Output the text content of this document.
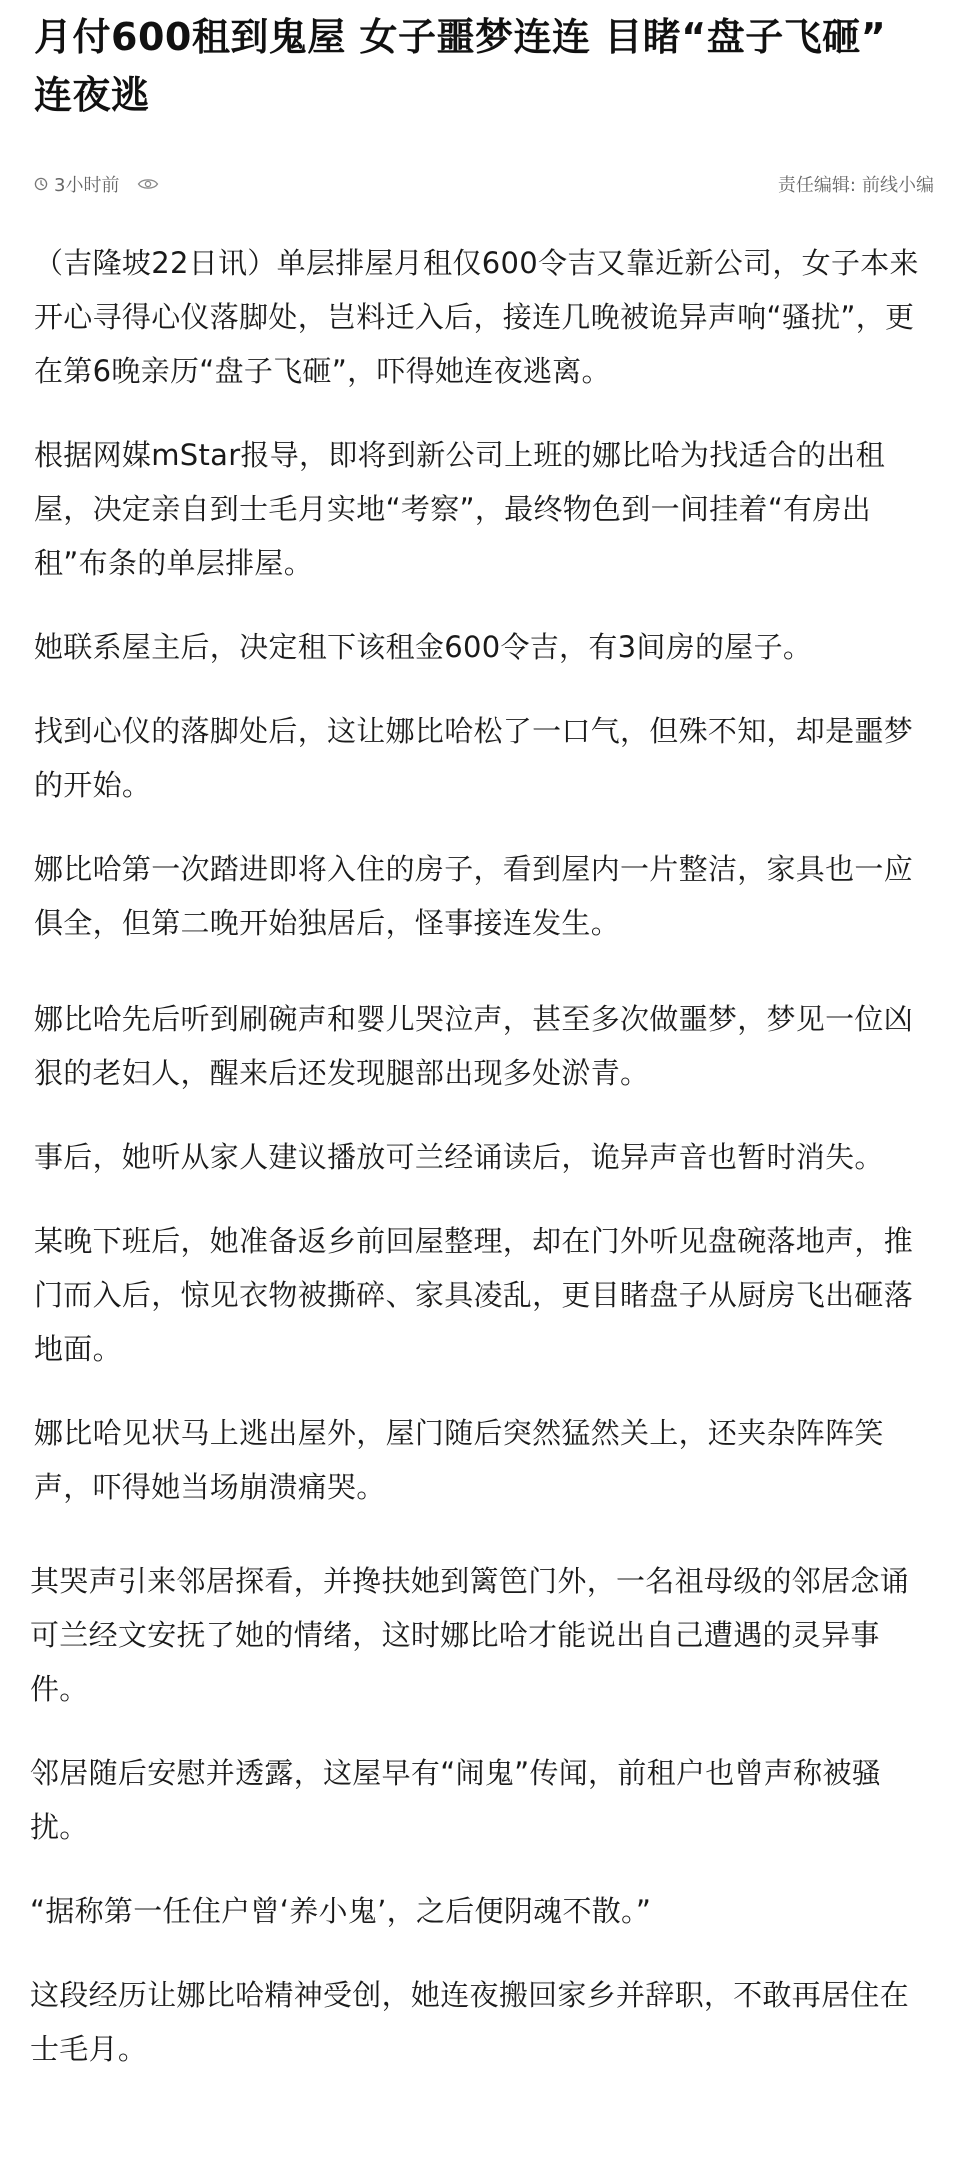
月付600租到鬼屋 女子噩梦连连 目睹“盘子飞砸” 连夜逃
3小时前	责任编辑: 前线小编

（吉隆坡22日讯）单层排屋月租仅600令吉又靠近新公司，女子本来开心寻得心仪落脚处，岂料迁入后，接连几晚被诡异声响“骚扰”，更在第6晚亲历“盘子飞砸”，吓得她连夜逃离。

根据网媒mStar报导，即将到新公司上班的娜比哈为找适合的出租屋，决定亲自到士毛月实地“考察”，最终物色到一间挂着“有房出租”布条的单层排屋。

她联系屋主后，决定租下该租金600令吉，有3间房的屋子。

找到心仪的落脚处后，这让娜比哈松了一口气，但殊不知，却是噩梦的开始。

娜比哈第一次踏进即将入住的房子，看到屋内一片整洁，家具也一应俱全，但第二晚开始独居后，怪事接连发生。

娜比哈先后听到刷碗声和婴儿哭泣声，甚至多次做噩梦，梦见一位凶狠的老妇人，醒来后还发现腿部出现多处淤青。

事后，她听从家人建议播放可兰经诵读后，诡异声音也暂时消失。

某晚下班后，她准备返乡前回屋整理，却在门外听见盘碗落地声，推门而入后，惊见衣物被撕碎、家具凌乱，更目睹盘子从厨房飞出砸落地面。

娜比哈见状马上逃出屋外，屋门随后突然猛然关上，还夹杂阵阵笑声，吓得她当场崩溃痛哭。

其哭声引来邻居探看，并搀扶她到篱笆门外，一名祖母级的邻居念诵可兰经文安抚了她的情绪，这时娜比哈才能说出自己遭遇的灵异事件。

邻居随后安慰并透露，这屋早有“闹鬼”传闻，前租户也曾声称被骚扰。

“据称第一任住户曾‘养小鬼’，之后便阴魂不散。”

这段经历让娜比哈精神受创，她连夜搬回家乡并辞职，不敢再居住在士毛月。
